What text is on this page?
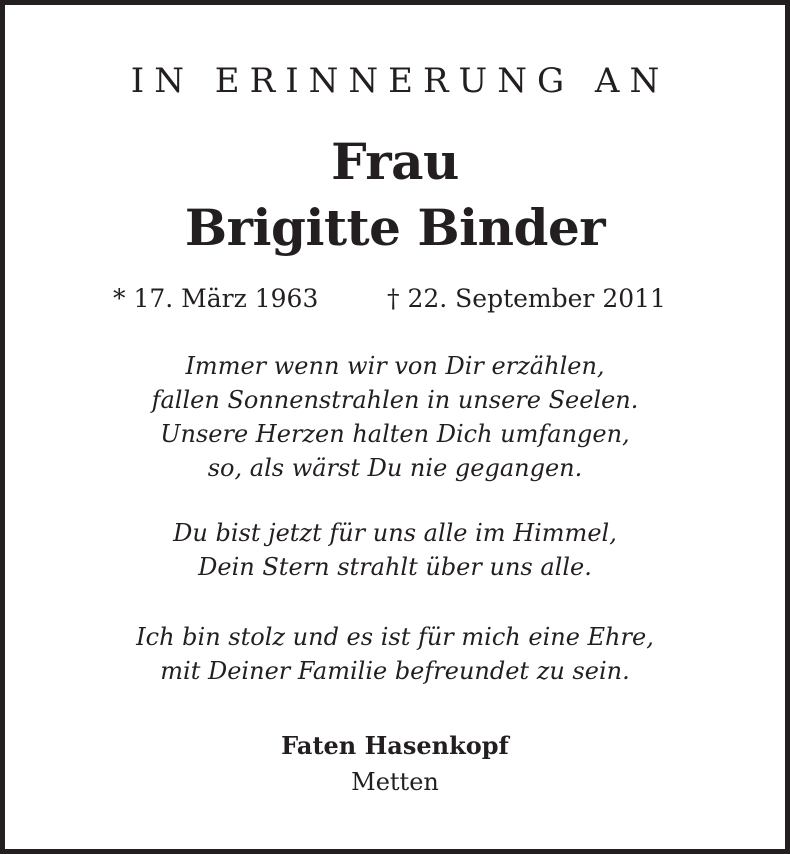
IN ERINNERUNG AN
Frau
Brigitte Binder
* 17. März 1963	† 22. September 2011
Immer wenn wir von Dir erzählen,
fallen Sonnenstrahlen in unsere Seelen.
Unsere Herzen halten Dich umfangen,
so, als wärst Du nie gegangen.
Du bist jetzt für uns alle im Himmel,
Dein Stern strahlt über uns alle.
Ich bin stolz und es ist für mich eine Ehre,
mit Deiner Familie befreundet zu sein.
Faten Hasenkopf
Metten
